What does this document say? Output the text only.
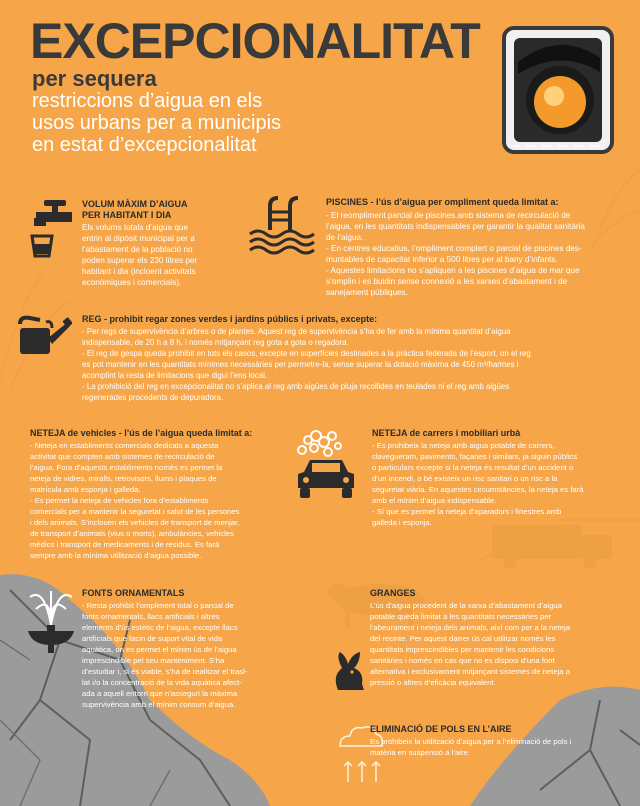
EXCEPCIONALITAT
per sequera
restriccions d’aigua en els
usos urbans per a municipis
en estat d’excepcionalitat
VOLUM MÀXIM D’AIGUA
PER HABITANT I DIA

Els volums totals d’aigua que

entrin al dipòsit municipal per a

l’abastament de la població no

poden superar els 230 litres per

habitant i dia (incloent activitats

econòmiques i comercials).

PISCINES - l’ús d’aigua per ompliment queda limitat a:

- El reompliment parcial de piscines amb sistema de recirculació de

l’aigua, en les quantitats indispensables per garantir la qualitat sanitària

de l’aigua.

- En centres educatius, l’ompliment complert o parcial de piscines des-

muntables de capacitat inferior a 500 litres per al bany d’infants.

- Aquestes limitacions no s’apliquen a les piscines d’aigua de mar que

s’omplin i es buidin sense connexió a les xarxes d’abastament i de

sanejament públiques.

REG - prohibit regar zones verdes i jardins públics i privats, excepte:

- Per regs de supervivència d’arbres o de plantes. Aquest reg de supervivència s’ha de fer amb la mínima quantitat d’aigua

indispensable, de 20 h a 8 h, i només mitjançant reg gota a gota o regadora.

- El reg de gespa queda prohibit en tots els casos, excepte en superfícies destinades a la pràctica federada de l’esport, on el reg

es pot mantenir en les quantitats mínimes necessàries per permetre-la, sense superar la dotació màxima de 450 m³/ha/mes i

acomplint la resta de limitacions que digui l’ens local.

- La prohibició del reg en excepcionalitat no s’aplica al reg amb aigües de pluja recollides en teulades ni el reg amb aigües

regenerades procedents de depuradora.

NETEJA de vehicles - l’ús de l’aigua queda limitat a:

- Neteja en establiments comercials dedicats a aquesta

activitat que compten amb sistemes de recirculació de

l’aigua. Fora d’aquests establiments només es permet la

neteja de vidres, miralls, retrovisors, llums i plaques de

matrícula amb esponja i galleda.

- Es permet la neteja de vehicles fora d’establiments

comercials per a mantenir la seguretat i salut de les persones

i dels animals. S’inclouen els vehicles de transport de menjar,

de transport d’animals (vius o morts), ambulàncies, vehicles

mèdics i transport de medicaments i de residus. Es farà

sempre amb la mínima utilització d’aigua possible.

NETEJA de carrers i mobiliari urbà

- Es prohibeix la neteja amb aigua potable de carrers,

clavegueram, paviments, façanes i similars, ja siguin públics

o particulars excepte si la neteja és resultat d’un accident o

d’un incendi, o bé existeix un risc sanitari o un risc a la

seguretat viària. En aquestes circumstàncies, la neteja es farà

amb el mínim d’aigua indispensable.

- Sí que es permet la neteja d’aparadors i finestres amb

galleda i esponja.

FONTS ORNAMENTALS

- Resta prohibit l’ompliment total o parcial de

fonts ornamentals, llacs artificials i altres

elements d’ús estètic de l’aigua, excepte llacs

artificials que facin de suport vital de vida

aquàtica, on es permet el mínim ús de l’aigua

imprescindible pel seu manteniment. S’ha

d’estudiar i, si és viable, s’ha de realitzar el trasl-

lat i/o la concentració de la vida aquàtica afect-

ada a aquell entorn que n’asseguri la màxima

supervivència amb el mínim consum d’aigua.

GRANGES

L’ús d’aigua procedent de la xarxa d’abastament d’aigua

potable queda limitat a les quantitats necessàries per

l’abeurament i neteja dels animals, així com per a la neteja

del recinte. Per aquest darrer ús cal utilitzar només les

quantitats imprescindibles per mantenir les condicions

sanitàries i només en cas que no es disposi d’una font

alternativa i exclusivament mitjançant sistemes de neteja a

pressió o altres d’eficàcia equivalent.

ELIMINACIÓ DE POLS EN L’AIRE

Es prohibeix la utilització d’aigua per a l’eliminació de pols i

matèria en suspensió a l’aire.
